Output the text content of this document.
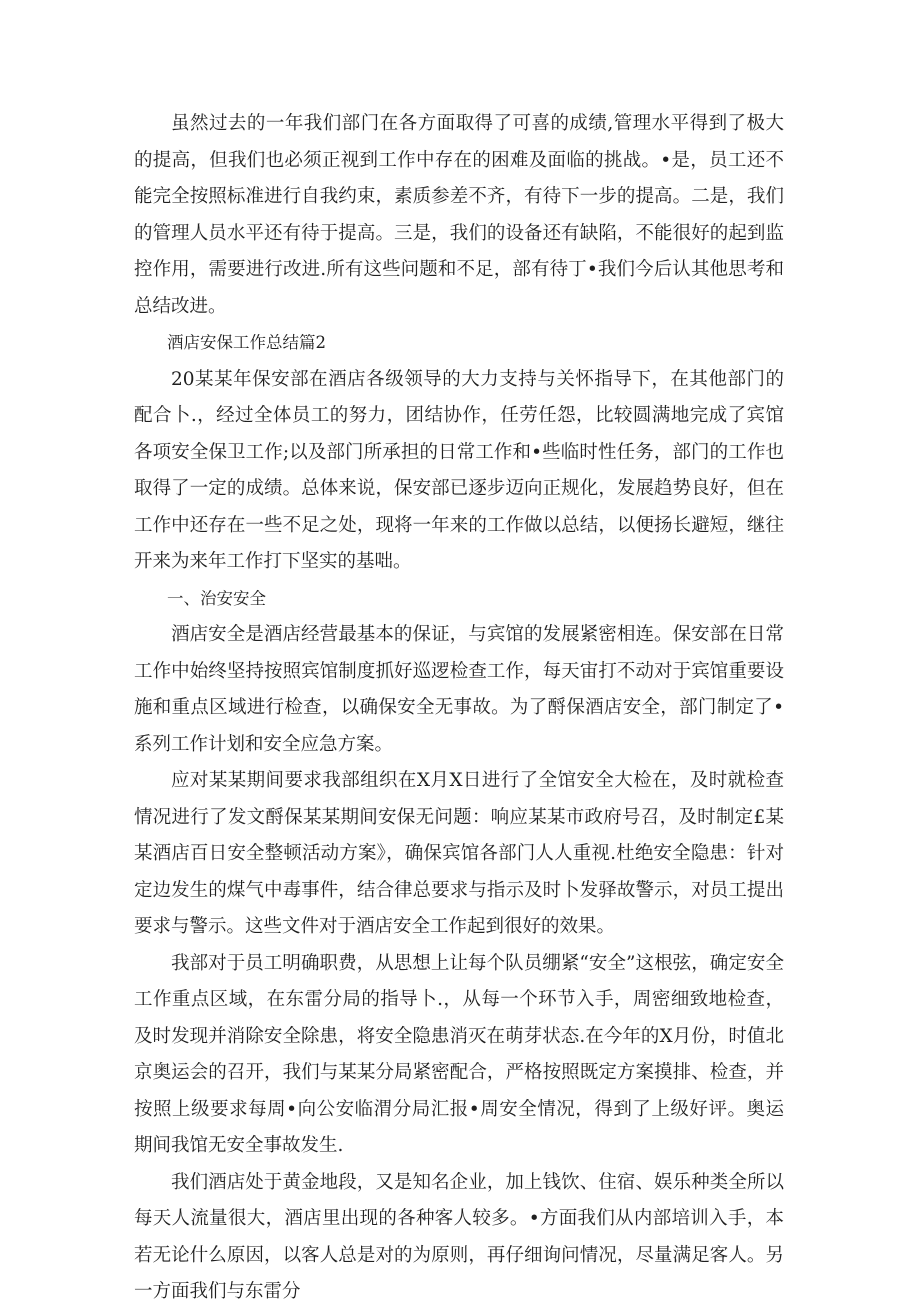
虽然过去的一年我们部门在各方面取得了可喜的成绩,管理水平得到了极大的提高，但我们也必须正视到工作中存在的困难及面临的挑战。•是，员工还不能完全按照标准进行自我约束，素质参差不齐，有待下一步的提高。二是，我们的管理人员水平还有待于提高。三是，我们的设备还有缺陷，不能很好的起到监控作用，需要进行改进.所有这些问题和不足，部有待丁•我们今后认其他思考和总结改进。

酒店安保工作总结篇2

20某某年保安部在酒店各级领导的大力支持与关怀指导下，在其他部门的配合卜.，经过全体员工的努力，团结协作，任劳任怨，比较圆满地完成了宾馆各项安全保卫工作;以及部门所承担的日常工作和•些临时性任务，部门的工作也取得了一定的成绩。总体来说，保安部已逐步迈向正规化，发展趋势良好，但在工作中还存在一些不足之处，现将一年来的工作做以总结，以便扬长避短，继往开来为来年工作打下坚实的基咄。

一、治安安全

酒店安全是酒店经营最基本的保证，与宾馆的发展紧密相连。保安部在日常工作中始终坚持按照宾馆制度抓好巡逻检查工作，每天宙打不动对于宾馆重要设施和重点区域进行检查，以确保安全无事故。为了酹保酒店安全，部门制定了•系列工作计划和安全应急方案。

应对某某期间要求我部组织在X月X日进行了全馆安全大检在，及时就检查情况进行了发文酹保某某期间安保无问题：响应某某市政府号召，及时制定£某某酒店百日安全整顿活动方案》，确保宾馆各部门人人重视.杜绝安全隐患：针对定边发生的煤气中毒事件，结合律总要求与指示及时卜发驿故警示，对员工提出要求与警示。这些文件对于酒店安全工作起到很好的效果。

我部对于员工明确职费，从思想上让每个队员绷紧“安全”这根弦，确定安全工作重点区域，在东雷分局的指导卜.，从每一个环节入手，周密细致地检查，及时发现并消除安全除患，将安全隐患消灭在萌芽状态.在今年的X月份，时值北京奥运会的召开，我们与某某分局紧密配合，严格按照既定方案摸排、检查，并按照上级要求每周•向公安临渭分局汇报•周安全情况，得到了上级好评。奥运期间我馆无安全事故发生.

我们酒店处于黄金地段，又是知名企业，加上钱饮、住宿、娱乐种类全所以每天人流量很大，酒店里出现的各种客人较多。•方面我们从内部培训入手，本若无论什么原因，以客人总是对的为原则，再仔细询问情况，尽量满足客人。另一方面我们与东雷分
